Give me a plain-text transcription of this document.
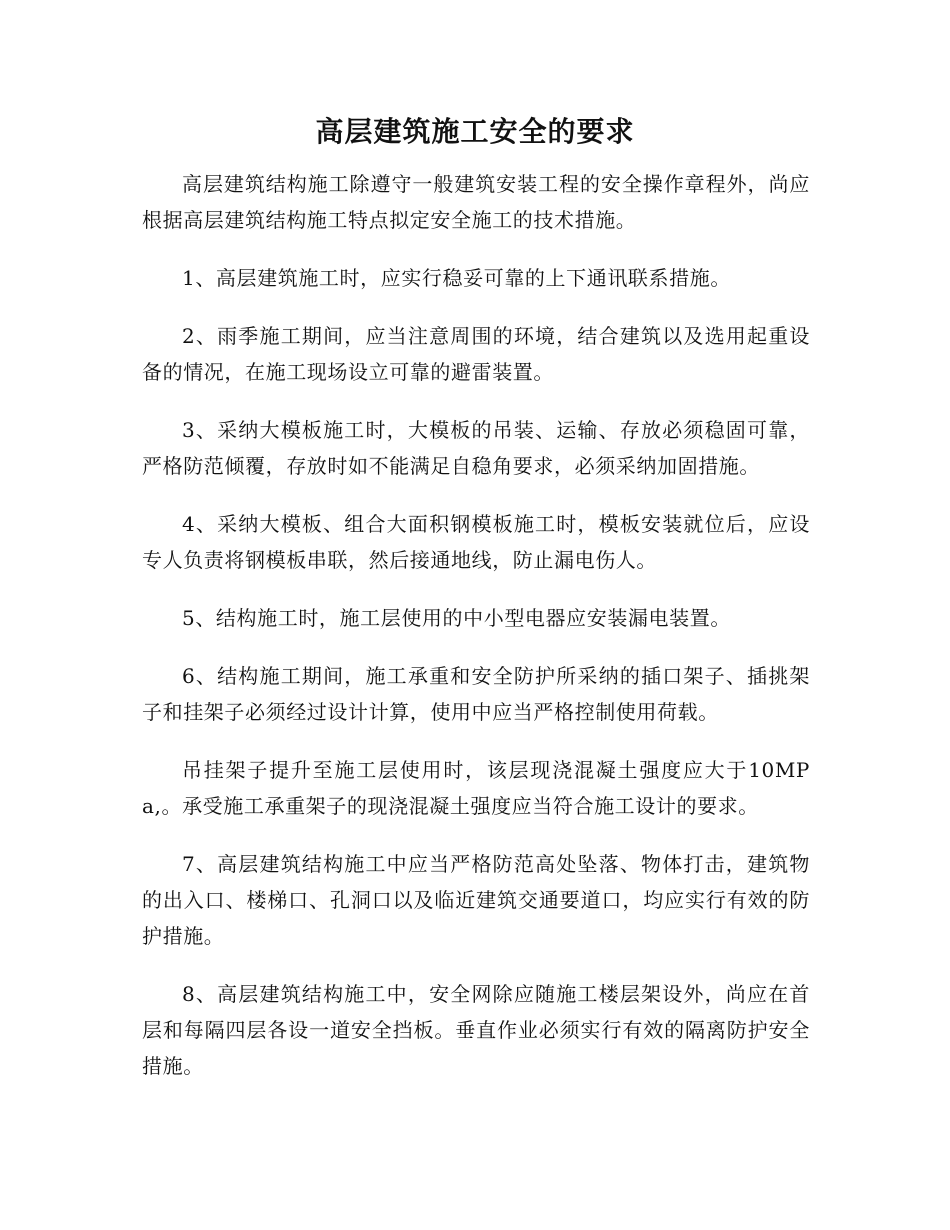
高层建筑施工安全的要求

高层建筑结构施工除遵守一般建筑安装工程的安全操作章程外，尚应根据高层建筑结构施工特点拟定安全施工的技术措施。

1、高层建筑施工时，应实行稳妥可靠的上下通讯联系措施。

2、雨季施工期间，应当注意周围的环境，结合建筑以及选用起重设备的情况，在施工现场设立可靠的避雷装置。

3、采纳大模板施工时，大模板的吊装、运输、存放必须稳固可靠，严格防范倾覆，存放时如不能满足自稳角要求，必须采纳加固措施。

4、采纳大模板、组合大面积钢模板施工时，模板安装就位后，应设专人负责将钢模板串联，然后接通地线，防止漏电伤人。

5、结构施工时，施工层使用的中小型电器应安装漏电装置。

6、结构施工期间，施工承重和安全防护所采纳的插口架子、插挑架子和挂架子必须经过设计计算，使用中应当严格控制使用荷载。

吊挂架子提升至施工层使用时，该层现浇混凝土强度应大于10MPa,。承受施工承重架子的现浇混凝土强度应当符合施工设计的要求。

7、高层建筑结构施工中应当严格防范高处坠落、物体打击，建筑物的出入口、楼梯口、孔洞口以及临近建筑交通要道口，均应实行有效的防护措施。

8、高层建筑结构施工中，安全网除应随施工楼层架设外，尚应在首层和每隔四层各设一道安全挡板。垂直作业必须实行有效的隔离防护安全措施。
